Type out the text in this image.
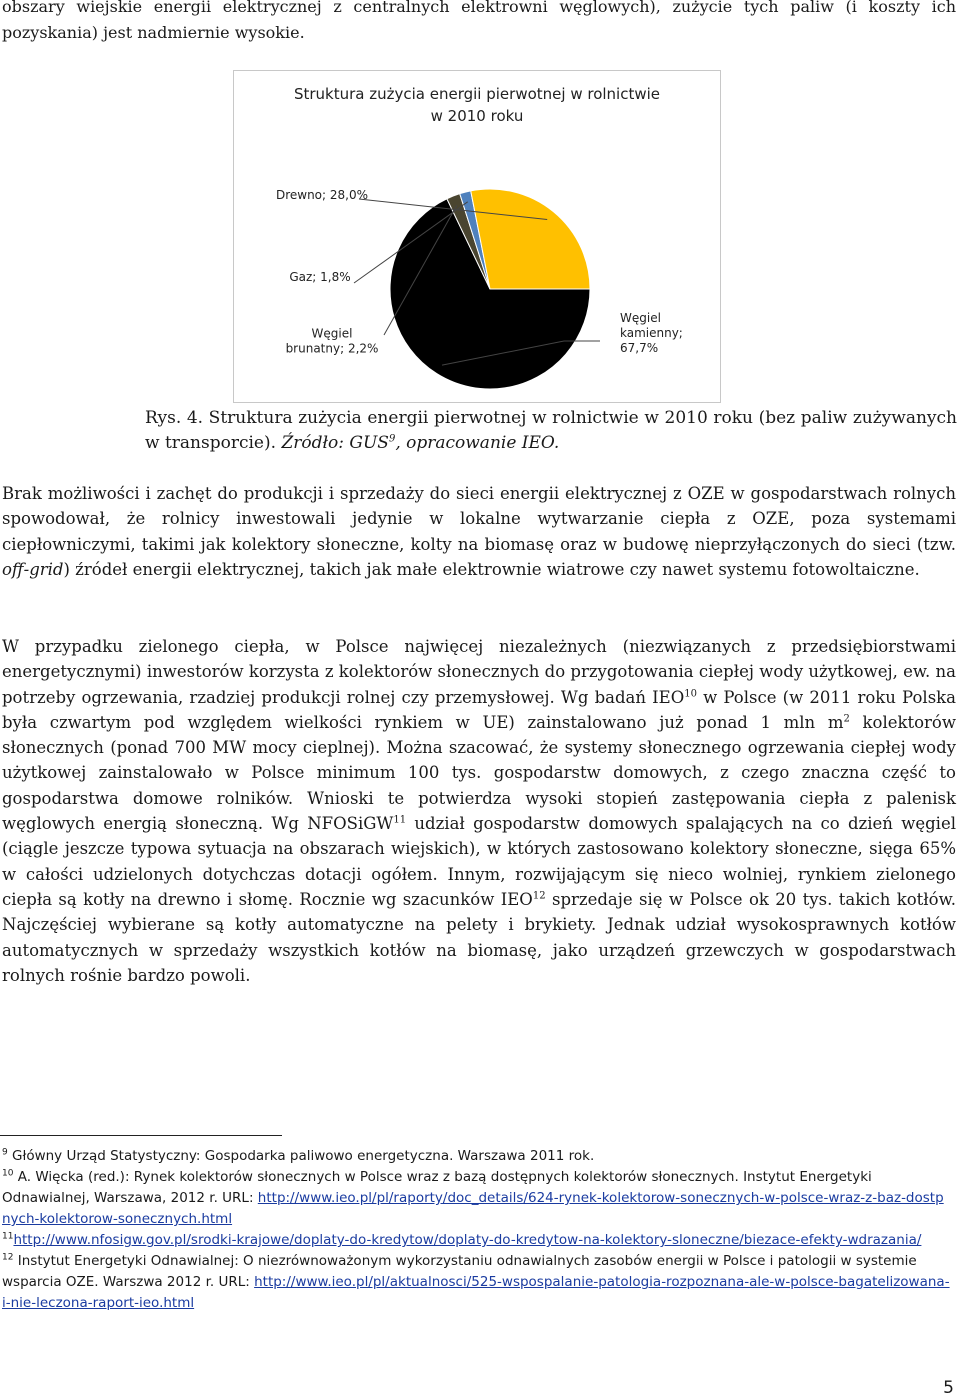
obszary wiejskie energii elektrycznej z centralnych elektrowni węglowych), zużycie tych paliw (i koszty ich pozyskania) jest nadmiernie wysokie.
Struktura zużycia energii pierwotnej w rolnictwie
w 2010 roku
Węgiel kamienny; 67,7%
Węgiel brunatny; 2,2%
Gaz; 1,8%
Drewno; 28,0%
Rys. 4. Struktura zużycia energii pierwotnej w rolnictwie w 2010 roku (bez paliw zużywanych w transporcie). Źródło: GUS$^9$, opracowanie IEO.
Brak możliwości i zachęt do produkcji i sprzedaży do sieci energii elektrycznej z OZE w gospodarstwach rolnych spowodował, że rolnicy inwestowali jedynie w lokalne wytwarzanie ciepła z OZE, poza systemami ciepłowniczymi, takimi jak kolektory słoneczne, kolty na biomasę oraz w budowę nieprzyłączonych do sieci (tzw. off-grid) źródeł energii elektrycznej, takich jak małe elektrownie wiatrowe czy nawet systemu fotowoltaiczne.
W przypadku zielonego ciepła, w Polsce najwięcej niezależnych (niezwiązanych z przedsiębiorstwami energetycznymi) inwestorów korzysta z kolektorów słonecznych do przygotowania ciepłej wody użytkowej, ew. na potrzeby ogrzewania, rzadziej produkcji rolnej czy przemysłowej. Wg badań IEO$^{10}$ w Polsce (w 2011 roku Polska była czwartym pod względem wielkości rynkiem w UE) zainstalowano już ponad 1 mln $m^2$ kolektorów słonecznych (ponad 700 MW mocy cieplnej). Można szacować, że systemy słonecznego ogrzewania ciepłej wody użytkowej zainstalowało w Polsce minimum 100 tys. gospodarstw domowych, z czego znaczna część to gospodarstwa domowe rolników. Wnioski te potwierdza wysoki stopień zastępowania ciepła z palenisk węglowych energią słoneczną. Wg NFOSiGW$^{11}$ udział gospodarstw domowych spalających na co dzień węgiel (ciągle jeszcze typowa sytuacja na obszarach wiejskich), w których zastosowano kolektory słoneczne, sięga 65% w całości udzielonych dotychczas dotacji ogółem. Innym, rozwijającym się nieco wolniej, rynkiem zielonego ciepła są kotły na drewno i słomę. Rocznie wg szacunków IEO$^{12}$ sprzedaje się w Polsce ok 20 tys. takich kotłów. Najczęściej wybierane są kotły automatyczne na pelety i brykiety. Jednak udział wysokosprawnych kotłów automatycznych w sprzedaży wszystkich kotłów na biomasę, jako urządzeń grzewczych w gospodarstwach rolnych rośnie bardzo powoli.

$^9$ Główny Urząd Statystyczny: Gospodarka paliwowo energetyczna. Warszawa 2011 rok.

$^{10}$ A. Więcka (red.): Rynek kolektorów słonecznych w Polsce wraz z bazą dostępnych kolektorów słonecznych. Instytut Energetyki Odnawialnej, Warszawa, 2012 r. URL: http://www.ieo.pl/pl/raporty/doc_details/624-rynek-kolektorow-sonecznych-w-polsce-wraz-z-baz-dostpnych-kolektorow-sonecznych.html

$^{11}$http://www.nfosigw.gov.pl/srodki-krajowe/doplaty-do-kredytow/doplaty-do-kredytow-na-kolektory-sloneczne/biezace-efekty-wdrazania/

$^{12}$ Instytut Energetyki Odnawialnej: O niezrównoważonym wykorzystaniu odnawialnych zasobów energii w Polsce i patologii w systemie wsparcia OZE. Warszwa 2012 r. URL: http://www.ieo.pl/pl/aktualnosci/525-wspospalanie-patologia-rozpoznana-ale-w-polsce-bagatelizowana-i-nie-leczona-raport-ieo.html

5
